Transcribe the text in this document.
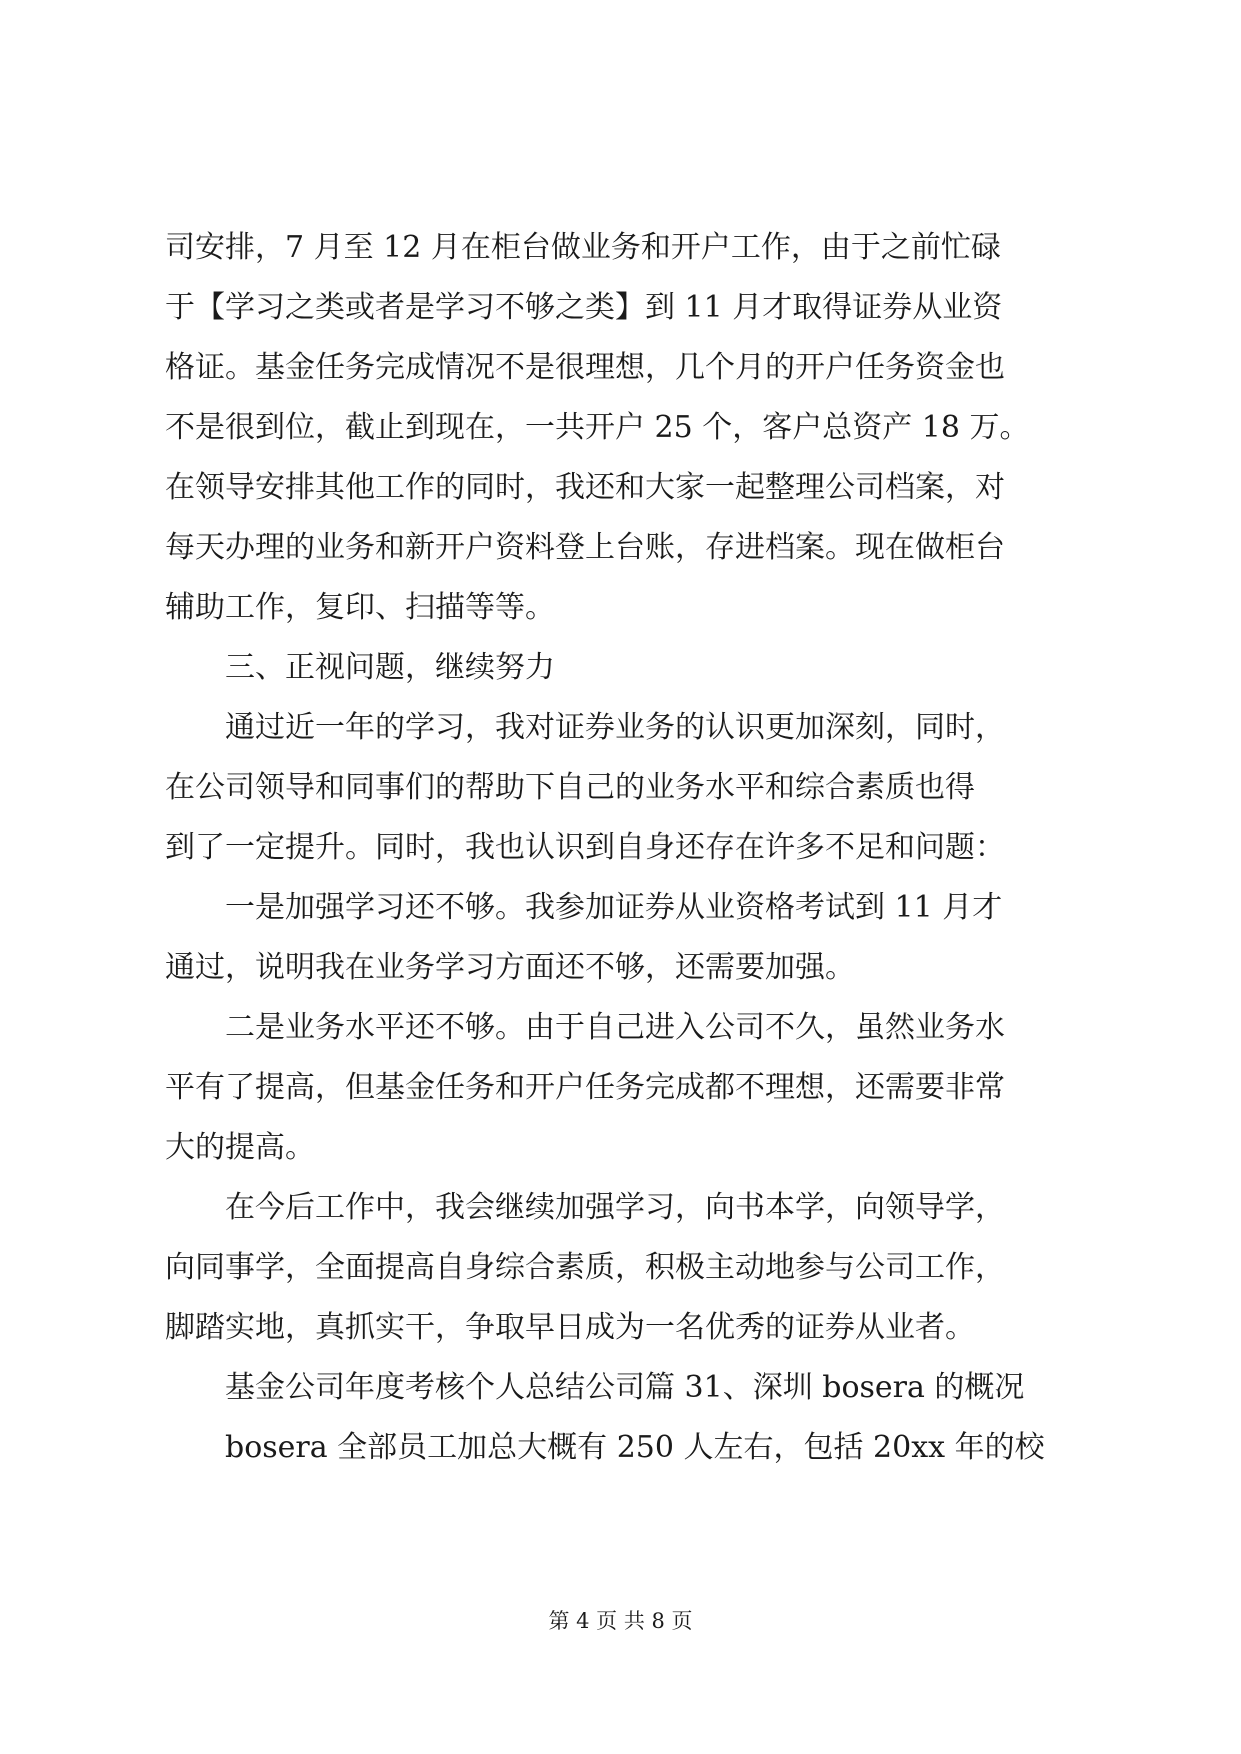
司安排，7 月至 12 月在柜台做业务和开户工作，由于之前忙碌
于【学习之类或者是学习不够之类】到 11 月才取得证券从业资
格证。基金任务完成情况不是很理想，几个月的开户任务资金也
不是很到位，截止到现在，一共开户 25 个，客户总资产 18 万。
在领导安排其他工作的同时，我还和大家一起整理公司档案，对
每天办理的业务和新开户资料登上台账，存进档案。现在做柜台
辅助工作，复印、扫描等等。
　　三、正视问题，继续努力
　　通过近一年的学习，我对证券业务的认识更加深刻，同时，
在公司领导和同事们的帮助下自己的业务水平和综合素质也得
到了一定提升。同时，我也认识到自身还存在许多不足和问题：
　　一是加强学习还不够。我参加证券从业资格考试到 11 月才
通过，说明我在业务学习方面还不够，还需要加强。
　　二是业务水平还不够。由于自己进入公司不久，虽然业务水
平有了提高，但基金任务和开户任务完成都不理想，还需要非常
大的提高。
　　在今后工作中，我会继续加强学习，向书本学，向领导学，
向同事学，全面提高自身综合素质，积极主动地参与公司工作，
脚踏实地，真抓实干，争取早日成为一名优秀的证券从业者。
　　基金公司年度考核个人总结公司篇 31、深圳 bosera 的概况
　　bosera 全部员工加总大概有 250 人左右，包括 20xx 年的校
第 4 页 共 8 页
